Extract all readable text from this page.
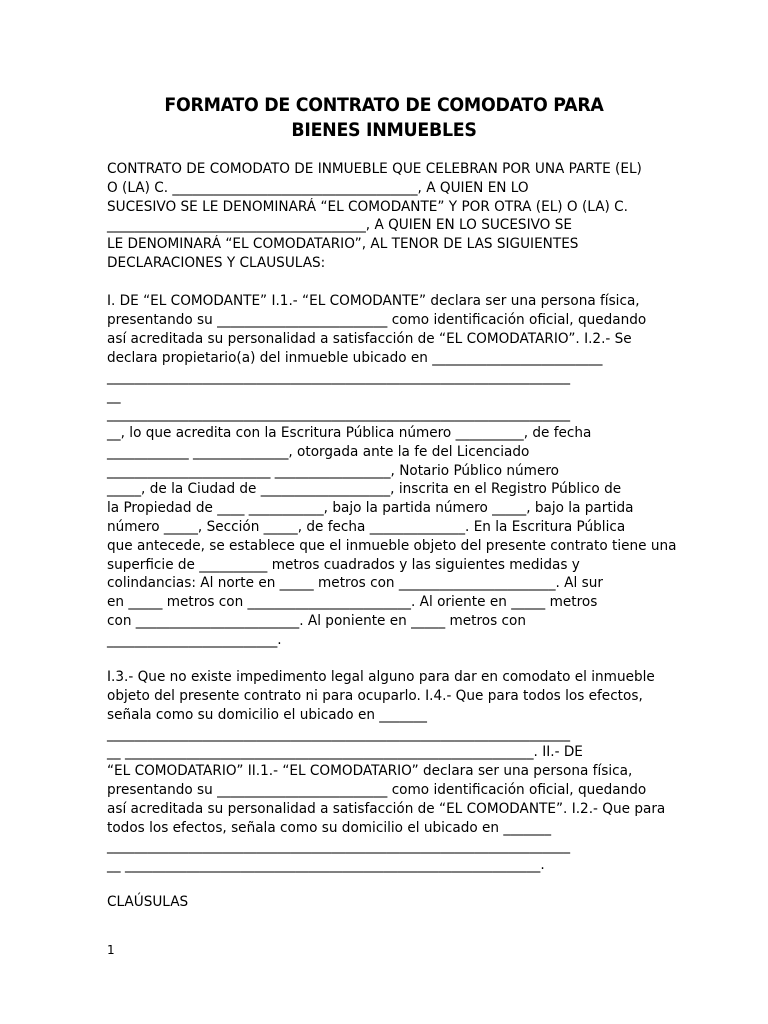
FORMATO DE CONTRATO DE COMODATO PARA
BIENES INMUEBLES
CONTRATO DE COMODATO DE INMUEBLE QUE CELEBRAN POR UNA PARTE (EL)
O (LA) C. ____________________________________, A QUIEN EN LO
SUCESIVO SE LE DENOMINARÁ “EL COMODANTE” Y POR OTRA (EL) O (LA) C.
______________________________________, A QUIEN EN LO SUCESIVO SE
LE DENOMINARÁ “EL COMODATARIO”, AL TENOR DE LAS SIGUIENTES
DECLARACIONES Y CLAUSULAS:
I. DE “EL COMODANTE” I.1.- “EL COMODANTE” declara ser una persona física,
presentando su _________________________ como identificación oficial, quedando
así acreditada su personalidad a satisfacción de “EL COMODATARIO”. I.2.- Se
declara propietario(a) del inmueble ubicado en _________________________
____________________________________________________________________
__
____________________________________________________________________
__, lo que acredita con la Escritura Pública número __________, de fecha
____________ ______________, otorgada ante la fe del Licenciado
________________________ _________________, Notario Público número
_____, de la Ciudad de ___________________, inscrita en el Registro Público de
la Propiedad de ____ ___________, bajo la partida número _____, bajo la partida
número _____, Sección _____, de fecha ______________. En la Escritura Pública
que antecede, se establece que el inmueble objeto del presente contrato tiene una
superficie de __________ metros cuadrados y las siguientes medidas y
colindancias: Al norte en _____ metros con _______________________. Al sur
en _____ metros con ________________________. Al oriente en _____ metros
con ________________________. Al poniente en _____ metros con
_________________________.
I.3.- Que no existe impedimento legal alguno para dar en comodato el inmueble
objeto del presente contrato ni para ocuparlo. I.4.- Que para todos los efectos,
señala como su domicilio el ubicado en _______
____________________________________________________________________
__ ____________________________________________________________. II.- DE
“EL COMODATARIO” II.1.- “EL COMODATARIO” declara ser una persona física,
presentando su _________________________ como identificación oficial, quedando
así acreditada su personalidad a satisfacción de “EL COMODANTE”. I.2.- Que para
todos los efectos, señala como su domicilio el ubicado en _______
____________________________________________________________________
__ _____________________________________________________________.
CLAÚSULAS
1
